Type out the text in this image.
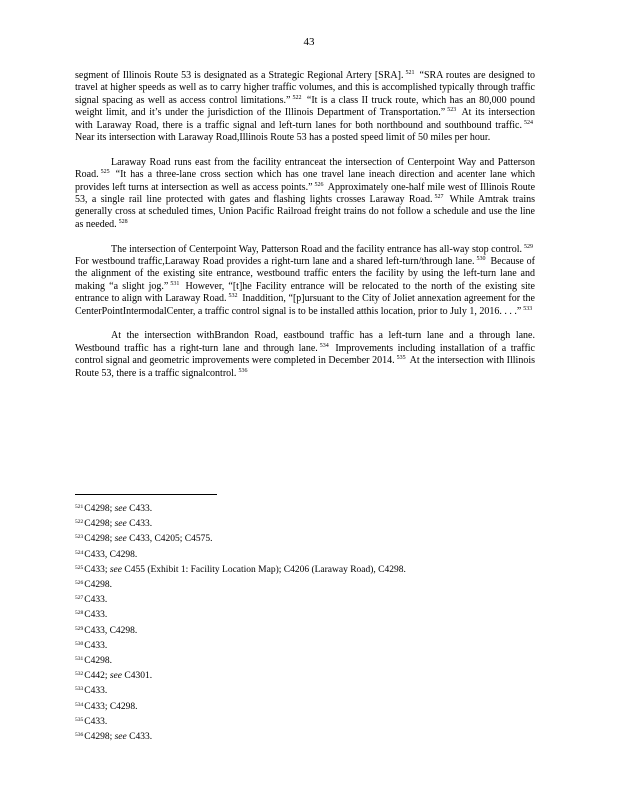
43

segment of Illinois Route 53 is designated as a Strategic Regional Artery [SRA]. $^{521}$ “SRA routes are designed to travel at higher speeds as well as to carry higher traffic volumes, and this is accomplished typically through traffic signal spacing as well as access control limitations.” $^{522}$ “It is a class II truck route, which has an 80,000 pound weight limit, and it’s under the jurisdiction of the Illinois Department of Transportation.” $^{523}$ At its intersection with Laraway Road, there is a traffic signal and left-turn lanes for both northbound and southbound traffic. $^{524}$ Near its intersection with Laraway Road,Illinois Route 53 has a posted speed limit of 50 miles per hour.

Laraway Road runs east from the facility entranceat the intersection of Centerpoint Way and Patterson Road. $^{525}$ “It has a three-lane cross section which has one travel lane ineach direction and acenter lane which provides left turns at intersection as well as access points.” $^{526}$ Approximately one-half mile west of Illinois Route 53, a single rail line protected with gates and flashing lights crosses Laraway Road. $^{527}$ While Amtrak trains generally cross at scheduled times, Union Pacific Railroad freight trains do not follow a schedule and use the line as needed. $^{528}$

The intersection of Centerpoint Way, Patterson Road and the facility entrance has all-way stop control. $^{529}$ For westbound traffic,Laraway Road provides a right-turn lane and a shared left-turn/through lane. $^{530}$ Because of the alignment of the existing site entrance, westbound traffic enters the facility by using the left-turn lane and making “a slight jog.” $^{531}$ However, “[t]he Facility entrance will be relocated to the north of the existing site entrance to align with Laraway Road. $^{532}$ Inaddition, “[p]ursuant to the City of Joliet annexation agreement for the CenterPointIntermodalCenter, a traffic control signal is to be installed atthis location, prior to July 1, 2016. . . .” $^{533}$

At the intersection withBrandon Road, eastbound traffic has a left-turn lane and a through lane. Westbound traffic has a right-turn lane and through lane. $^{534}$ Improvements including installation of a traffic control signal and geometric improvements were completed in December 2014. $^{535}$ At the intersection with Illinois Route 53, there is a traffic signalcontrol. $^{536}$

$^{521}$C4298; see C433.
$^{522}$C4298; see C433.
$^{523}$C4298; see C433, C4205; C4575.
$^{524}$C433, C4298.
$^{525}$C433; see C455 (Exhibit 1: Facility Location Map); C4206 (Laraway Road), C4298.
$^{526}$C4298.
$^{527}$C433.
$^{528}$C433.
$^{529}$C433, C4298.
$^{530}$C433.
$^{531}$C4298.
$^{532}$C442; see C4301.
$^{533}$C433.
$^{534}$C433; C4298.
$^{535}$C433.
$^{536}$C4298; see C433.
